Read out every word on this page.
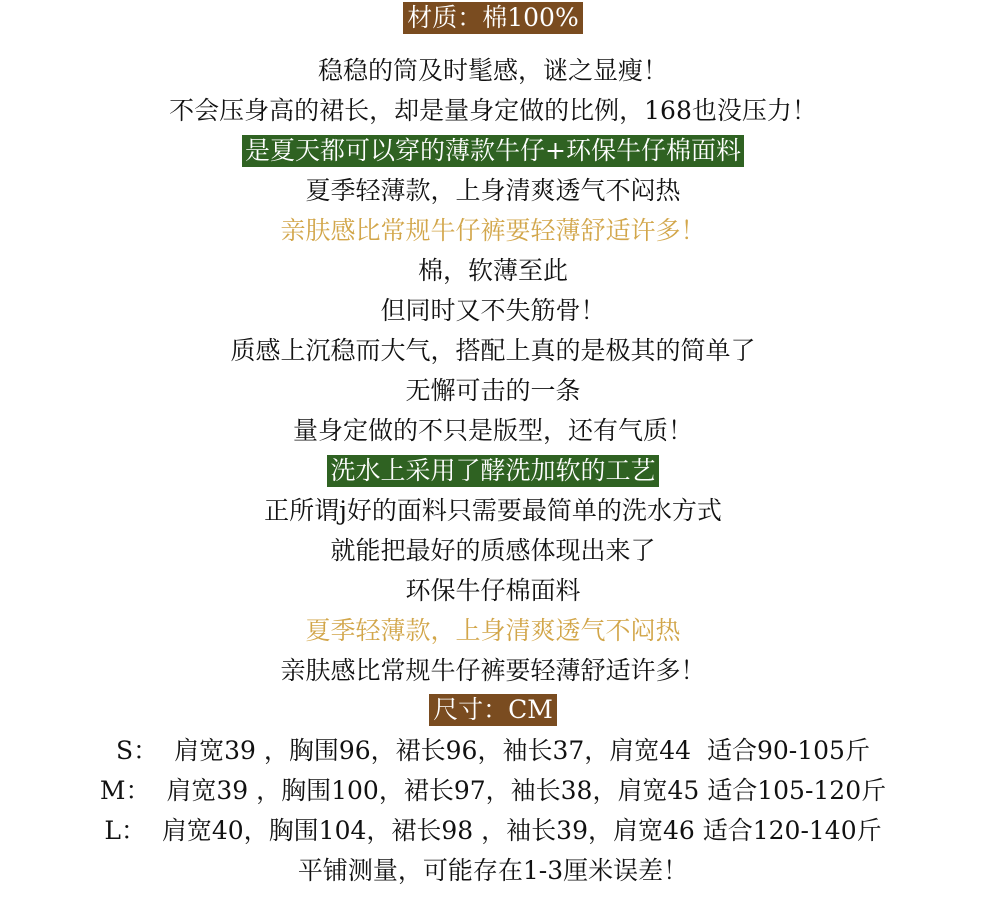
材质：棉100%
稳稳的筒及时髦感，谜之显瘦！
不会压身高的裙长，却是量身定做的比例，168也没压力！
是夏天都可以穿的薄款牛仔+环保牛仔棉面料
夏季轻薄款，上身清爽透气不闷热
亲肤感比常规牛仔裤要轻薄舒适许多！
棉，软薄至此
但同时又不失筋骨！
质感上沉稳而大气，搭配上真的是极其的简单了
无懈可击的一条
量身定做的不只是版型，还有气质！
洗水上采用了酵洗加软的工艺
正所谓j好的面料只需要最简单的洗水方式
就能把最好的质感体现出来了
环保牛仔棉面料
夏季轻薄款，上身清爽透气不闷热
亲肤感比常规牛仔裤要轻薄舒适许多！
尺寸：CM
S：  肩宽39 ，胸围96，裙长96，袖长37，肩宽44  适合90-105斤
M：  肩宽39 ，胸围100，裙长97，袖长38，肩宽45 适合105-120斤
L：  肩宽40，胸围104，裙长98 ，袖长39，肩宽46 适合120-140斤
平铺测量，可能存在1-3厘米误差！
